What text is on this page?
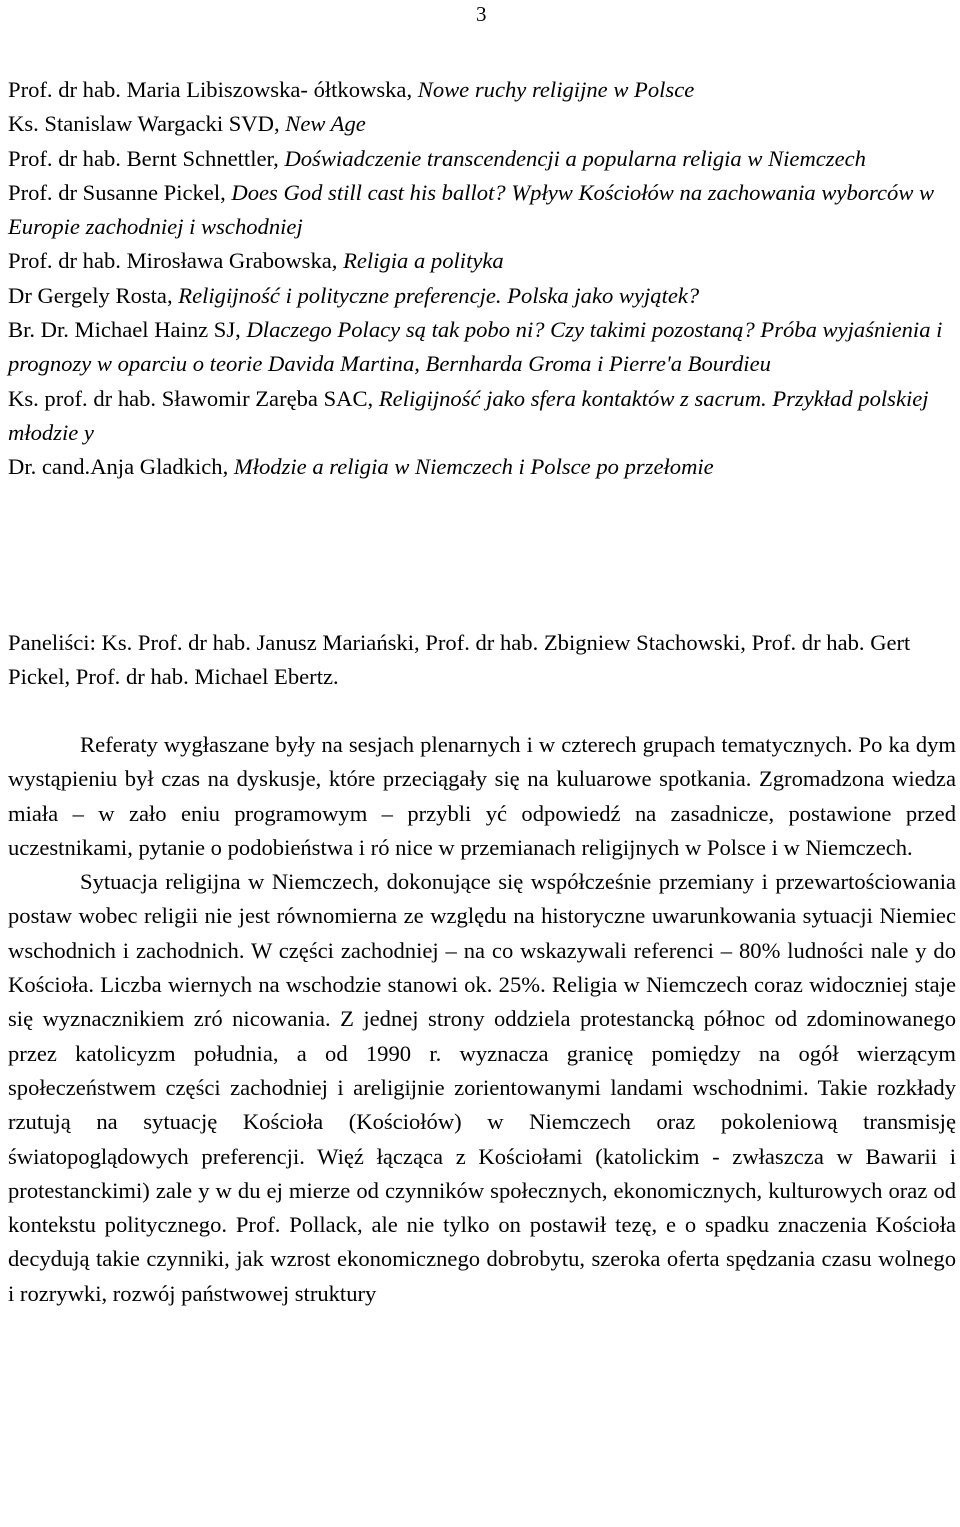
3
Prof. dr hab. Maria Libiszowska- ółtkowska, Nowe ruchy religijne w Polsce
Ks. Stanislaw Wargacki SVD, New Age
Prof. dr hab. Bernt Schnettler, Doświadczenie transcendencji a popularna religia w Niemczech
Prof. dr Susanne Pickel, Does God still cast his ballot? Wpływ Kościołów na zachowania wyborców w Europie zachodniej i wschodniej
Prof. dr hab. Mirosława Grabowska, Religia a polityka
Dr Gergely Rosta, Religijność i polityczne preferencje. Polska jako wyjątek?
Br. Dr. Michael Hainz SJ, Dlaczego Polacy są tak pobo ni? Czy takimi pozostaną? Próba wyjaśnienia i prognozy w oparciu o teorie Davida Martina, Bernharda Groma i Pierre'a Bourdieu
Ks. prof. dr hab. Sławomir Zaręba SAC, Religijność jako sfera kontaktów z sacrum. Przykład polskiej młodzie y
Dr. cand.Anja Gladkich, Młodzie a religia w Niemczech i Polsce po przełomie
Paneliści: Ks. Prof. dr hab. Janusz Mariański, Prof. dr hab. Zbigniew Stachowski, Prof. dr hab. Gert Pickel, Prof. dr hab. Michael Ebertz.

Referaty wygłaszane były na sesjach plenarnych i w czterech grupach tematycznych. Po ka dym wystąpieniu był czas na dyskusje, które przeciągały się na kuluarowe spotkania. Zgromadzona wiedza miała – w zało eniu programowym – przybli yć odpowiedź na zasadnicze, postawione przed uczestnikami, pytanie o podobieństwa i ró nice w przemianach religijnych w Polsce i w Niemczech.

Sytuacja religijna w Niemczech, dokonujące się współcześnie przemiany i przewartościowania postaw wobec religii nie jest równomierna ze względu na historyczne uwarunkowania sytuacji Niemiec wschodnich i zachodnich. W części zachodniej – na co wskazywali referenci – 80% ludności nale y do Kościoła. Liczba wiernych na wschodzie stanowi ok. 25%. Religia w Niemczech coraz widoczniej staje się wyznacznikiem zró nicowania. Z jednej strony oddziela protestancką północ od zdominowanego przez katolicyzm południa, a od 1990 r. wyznacza granicę pomiędzy na ogół wierzącym społeczeństwem części zachodniej i areligijnie zorientowanymi landami wschodnimi. Takie rozkłady rzutują na sytuację Kościoła (Kościołów) w Niemczech oraz pokoleniową transmisję światopoglądowych preferencji. Więź łącząca z Kościołami (katolickim - zwłaszcza w Bawarii i protestanckimi) zale y w du ej mierze od czynników społecznych, ekonomicznych, kulturowych oraz od kontekstu politycznego. Prof. Pollack, ale nie tylko on postawił tezę, e o spadku znaczenia Kościoła decydują takie czynniki, jak wzrost ekonomicznego dobrobytu, szeroka oferta spędzania czasu wolnego i rozrywki, rozwój państwowej struktury
